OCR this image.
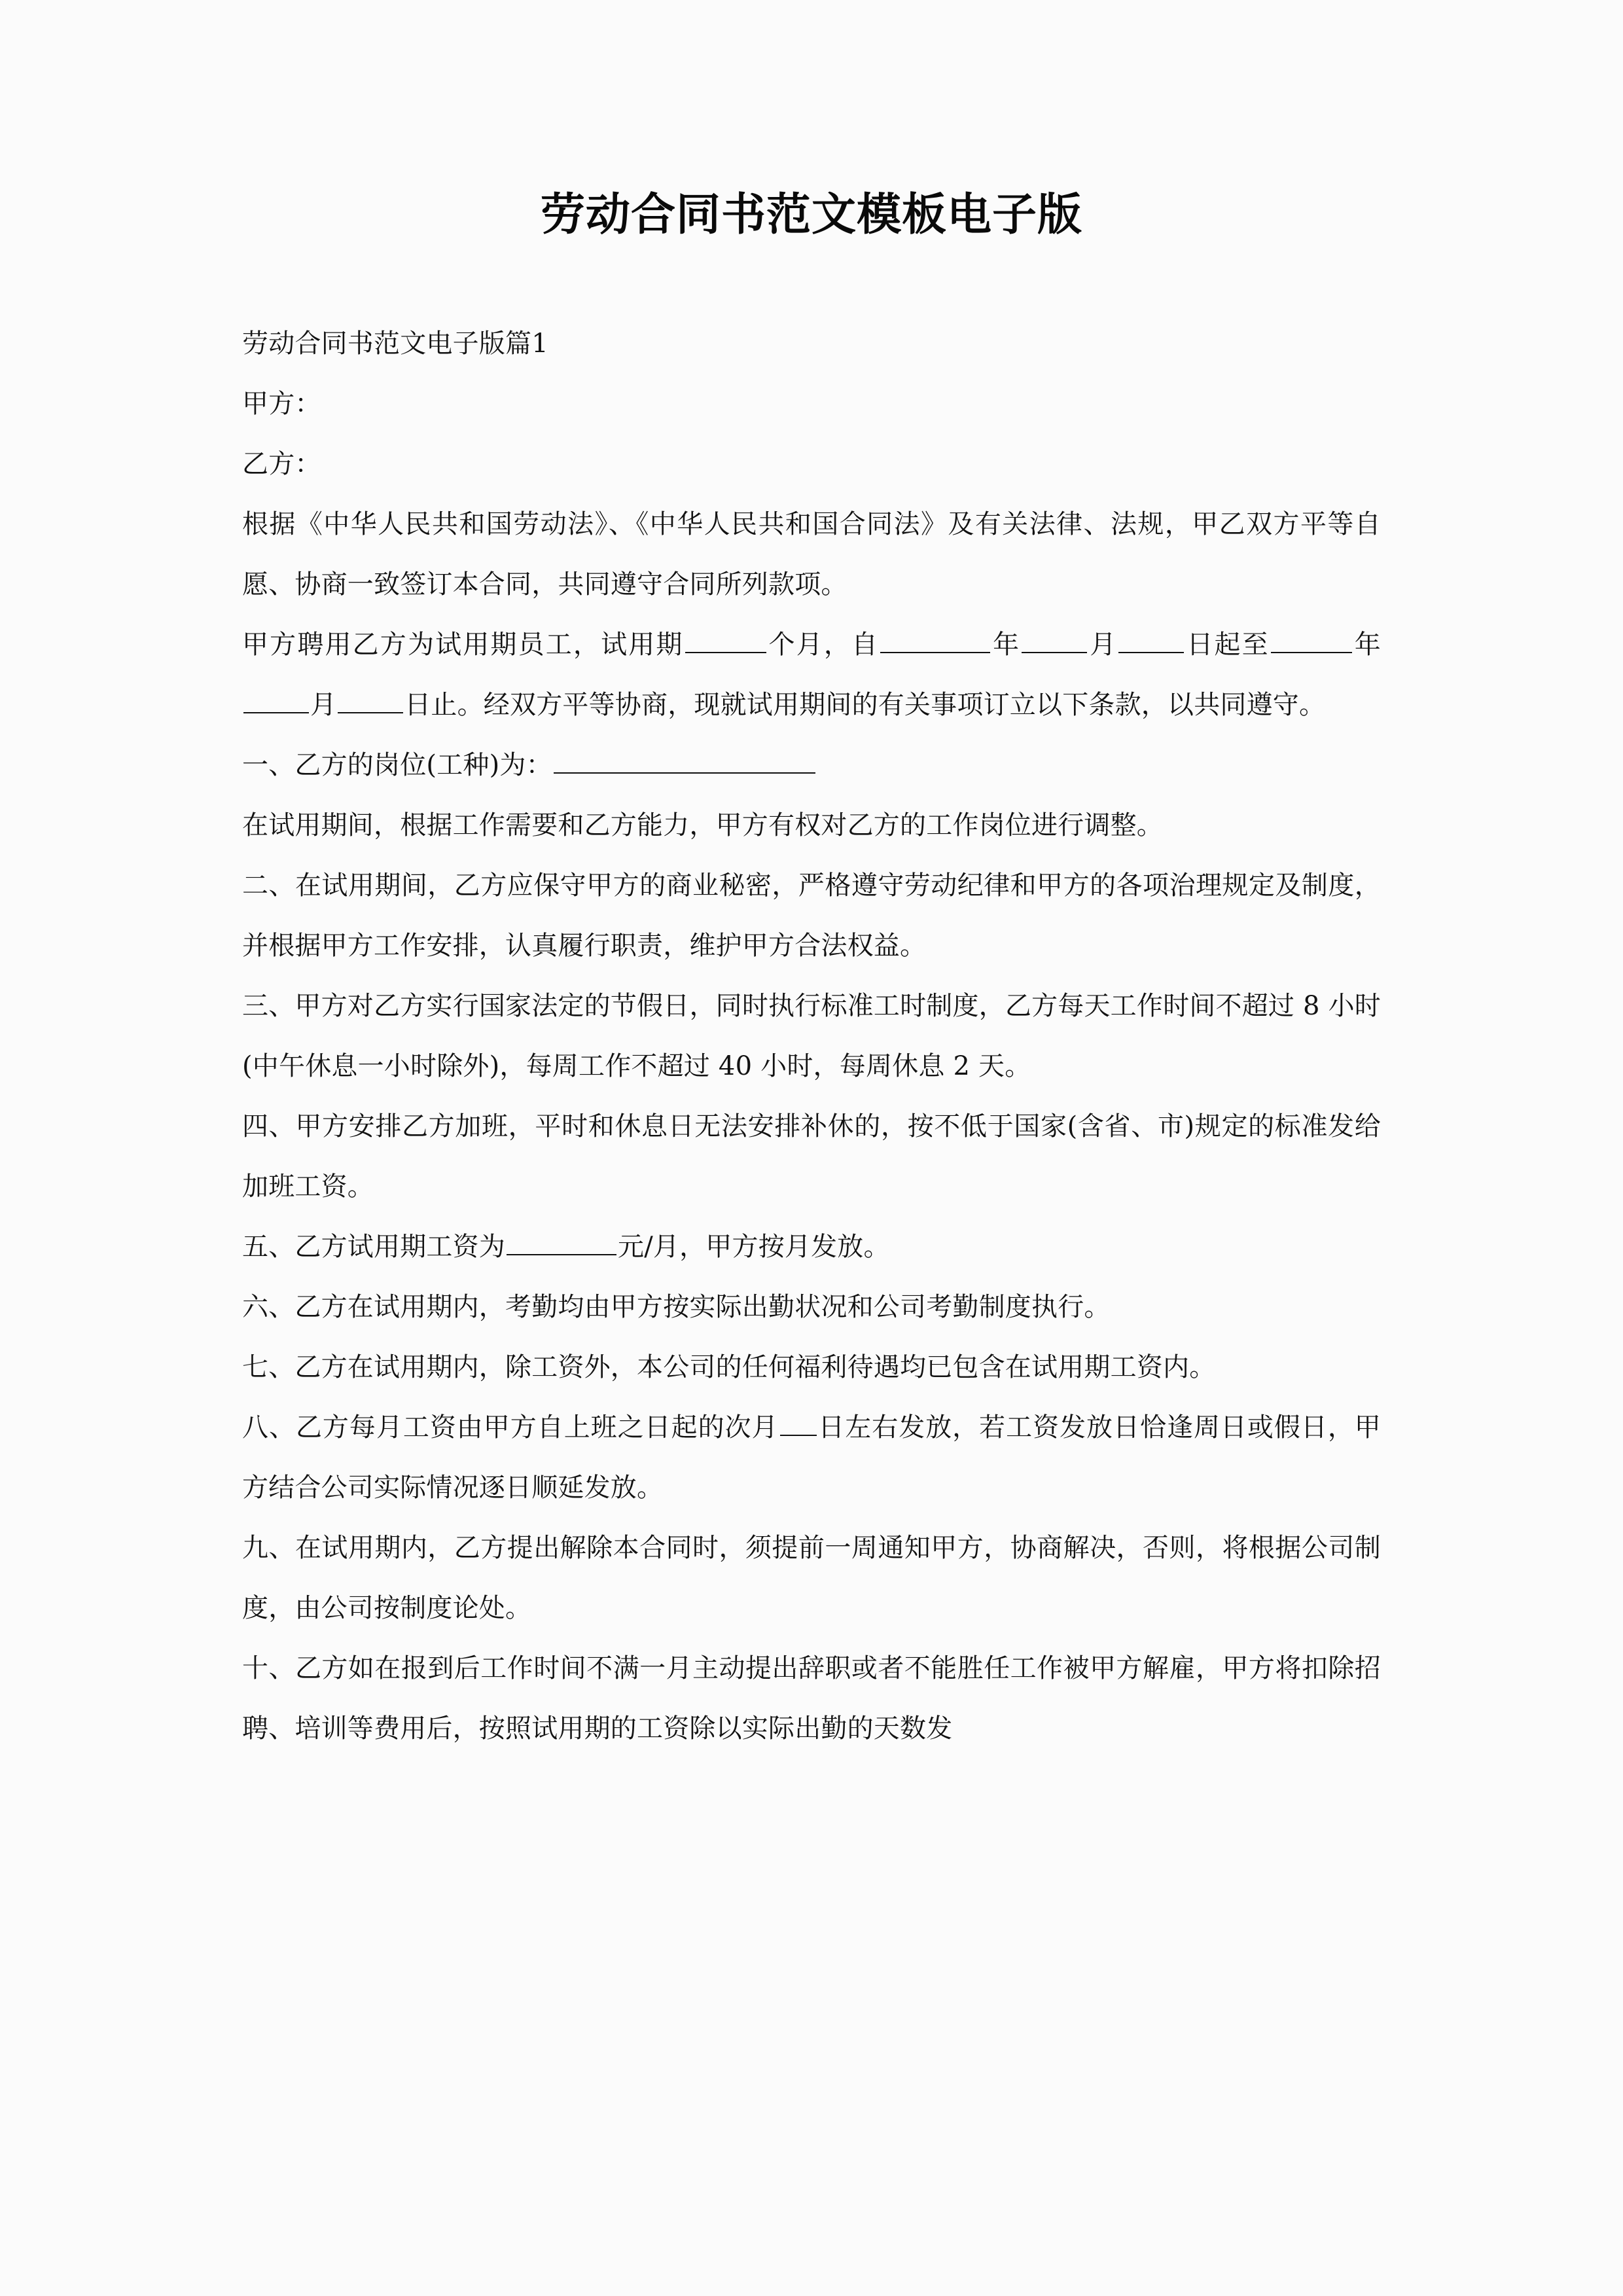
劳动合同书范文模板电子版

劳动合同书范文电子版篇1

甲方：

乙方：

根据《中华人民共和国劳动法》、《中华人民共和国合同法》及有关法律、法规，甲乙双方平等自愿、协商一致签订本合同，共同遵守合同所列款项。

甲方聘用乙方为试用期员工，试用期	个月，自	年	月	日起至	年月	日止。经双方平等协商，现就试用期间的有关事项订立以下条款，以共同遵守。

一、乙方的岗位(工种)为：

在试用期间，根据工作需要和乙方能力，甲方有权对乙方的工作岗位进行调整。

二、在试用期间，乙方应保守甲方的商业秘密，严格遵守劳动纪律和甲方的各项治理规定及制度，并根据甲方工作安排，认真履行职责，维护甲方合法权益。

三、甲方对乙方实行国家法定的节假日，同时执行标准工时制度，乙方每天工作时间不超过 8 小时(中午休息一小时除外)，每周工作不超过 40 小时，每周休息 2 天。

四、甲方安排乙方加班，平时和休息日无法安排补休的，按不低于国家(含省、市)规定的标准发给加班工资。

五、乙方试用期工资为	元/月，甲方按月发放。

六、乙方在试用期内，考勤均由甲方按实际出勤状况和公司考勤制度执行。

七、乙方在试用期内，除工资外，本公司的任何福利待遇均已包含在试用期工资内。

八、乙方每月工资由甲方自上班之日起的次月 日左右发放，若工资发放日恰逢周日或假日，甲方结合公司实际情况逐日顺延发放。

九、在试用期内，乙方提出解除本合同时，须提前一周通知甲方，协商解决，否则，将根据公司制度，由公司按制度论处。

十、乙方如在报到后工作时间不满一月主动提出辞职或者不能胜任工作被甲方解雇，甲方将扣除招聘、培训等费用后，按照试用期的工资除以实际出勤的天数发
